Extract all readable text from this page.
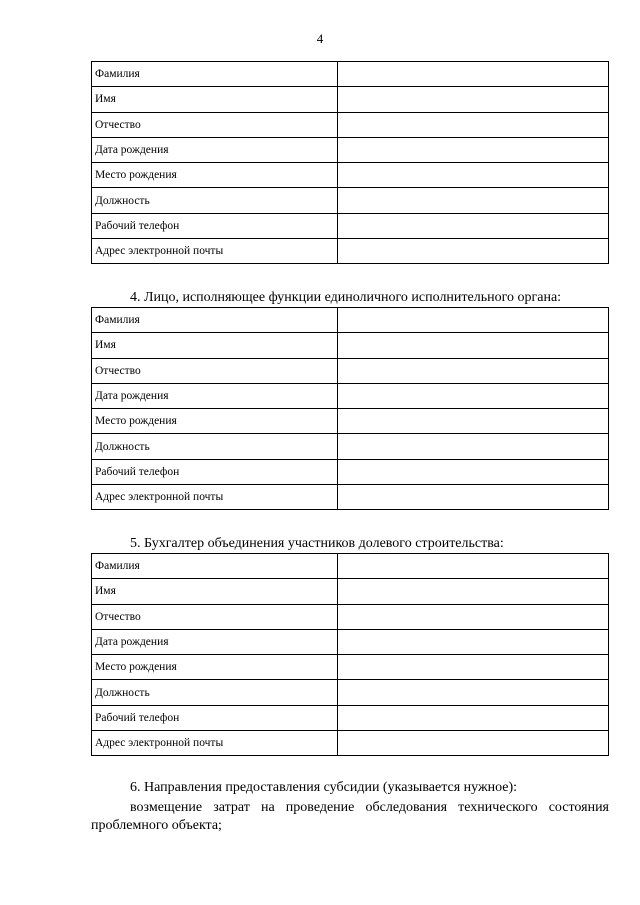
4
Фамилия	
Имя	
Отчество	
Дата рождения	
Место рождения	
Должность	
Рабочий телефон	
Адрес электронной почты	
4. Лицо, исполняющее функции единоличного исполнительного органа:
Фамилия	
Имя	
Отчество	
Дата рождения	
Место рождения	
Должность	
Рабочий телефон	
Адрес электронной почты	
5. Бухгалтер объединения участников долевого строительства:
Фамилия	
Имя	
Отчество	
Дата рождения	
Место рождения	
Должность	
Рабочий телефон	
Адрес электронной почты	
6. Направления предоставления субсидии (указывается нужное):
возмещение затрат на проведение обследования технического состояния
проблемного объекта;
